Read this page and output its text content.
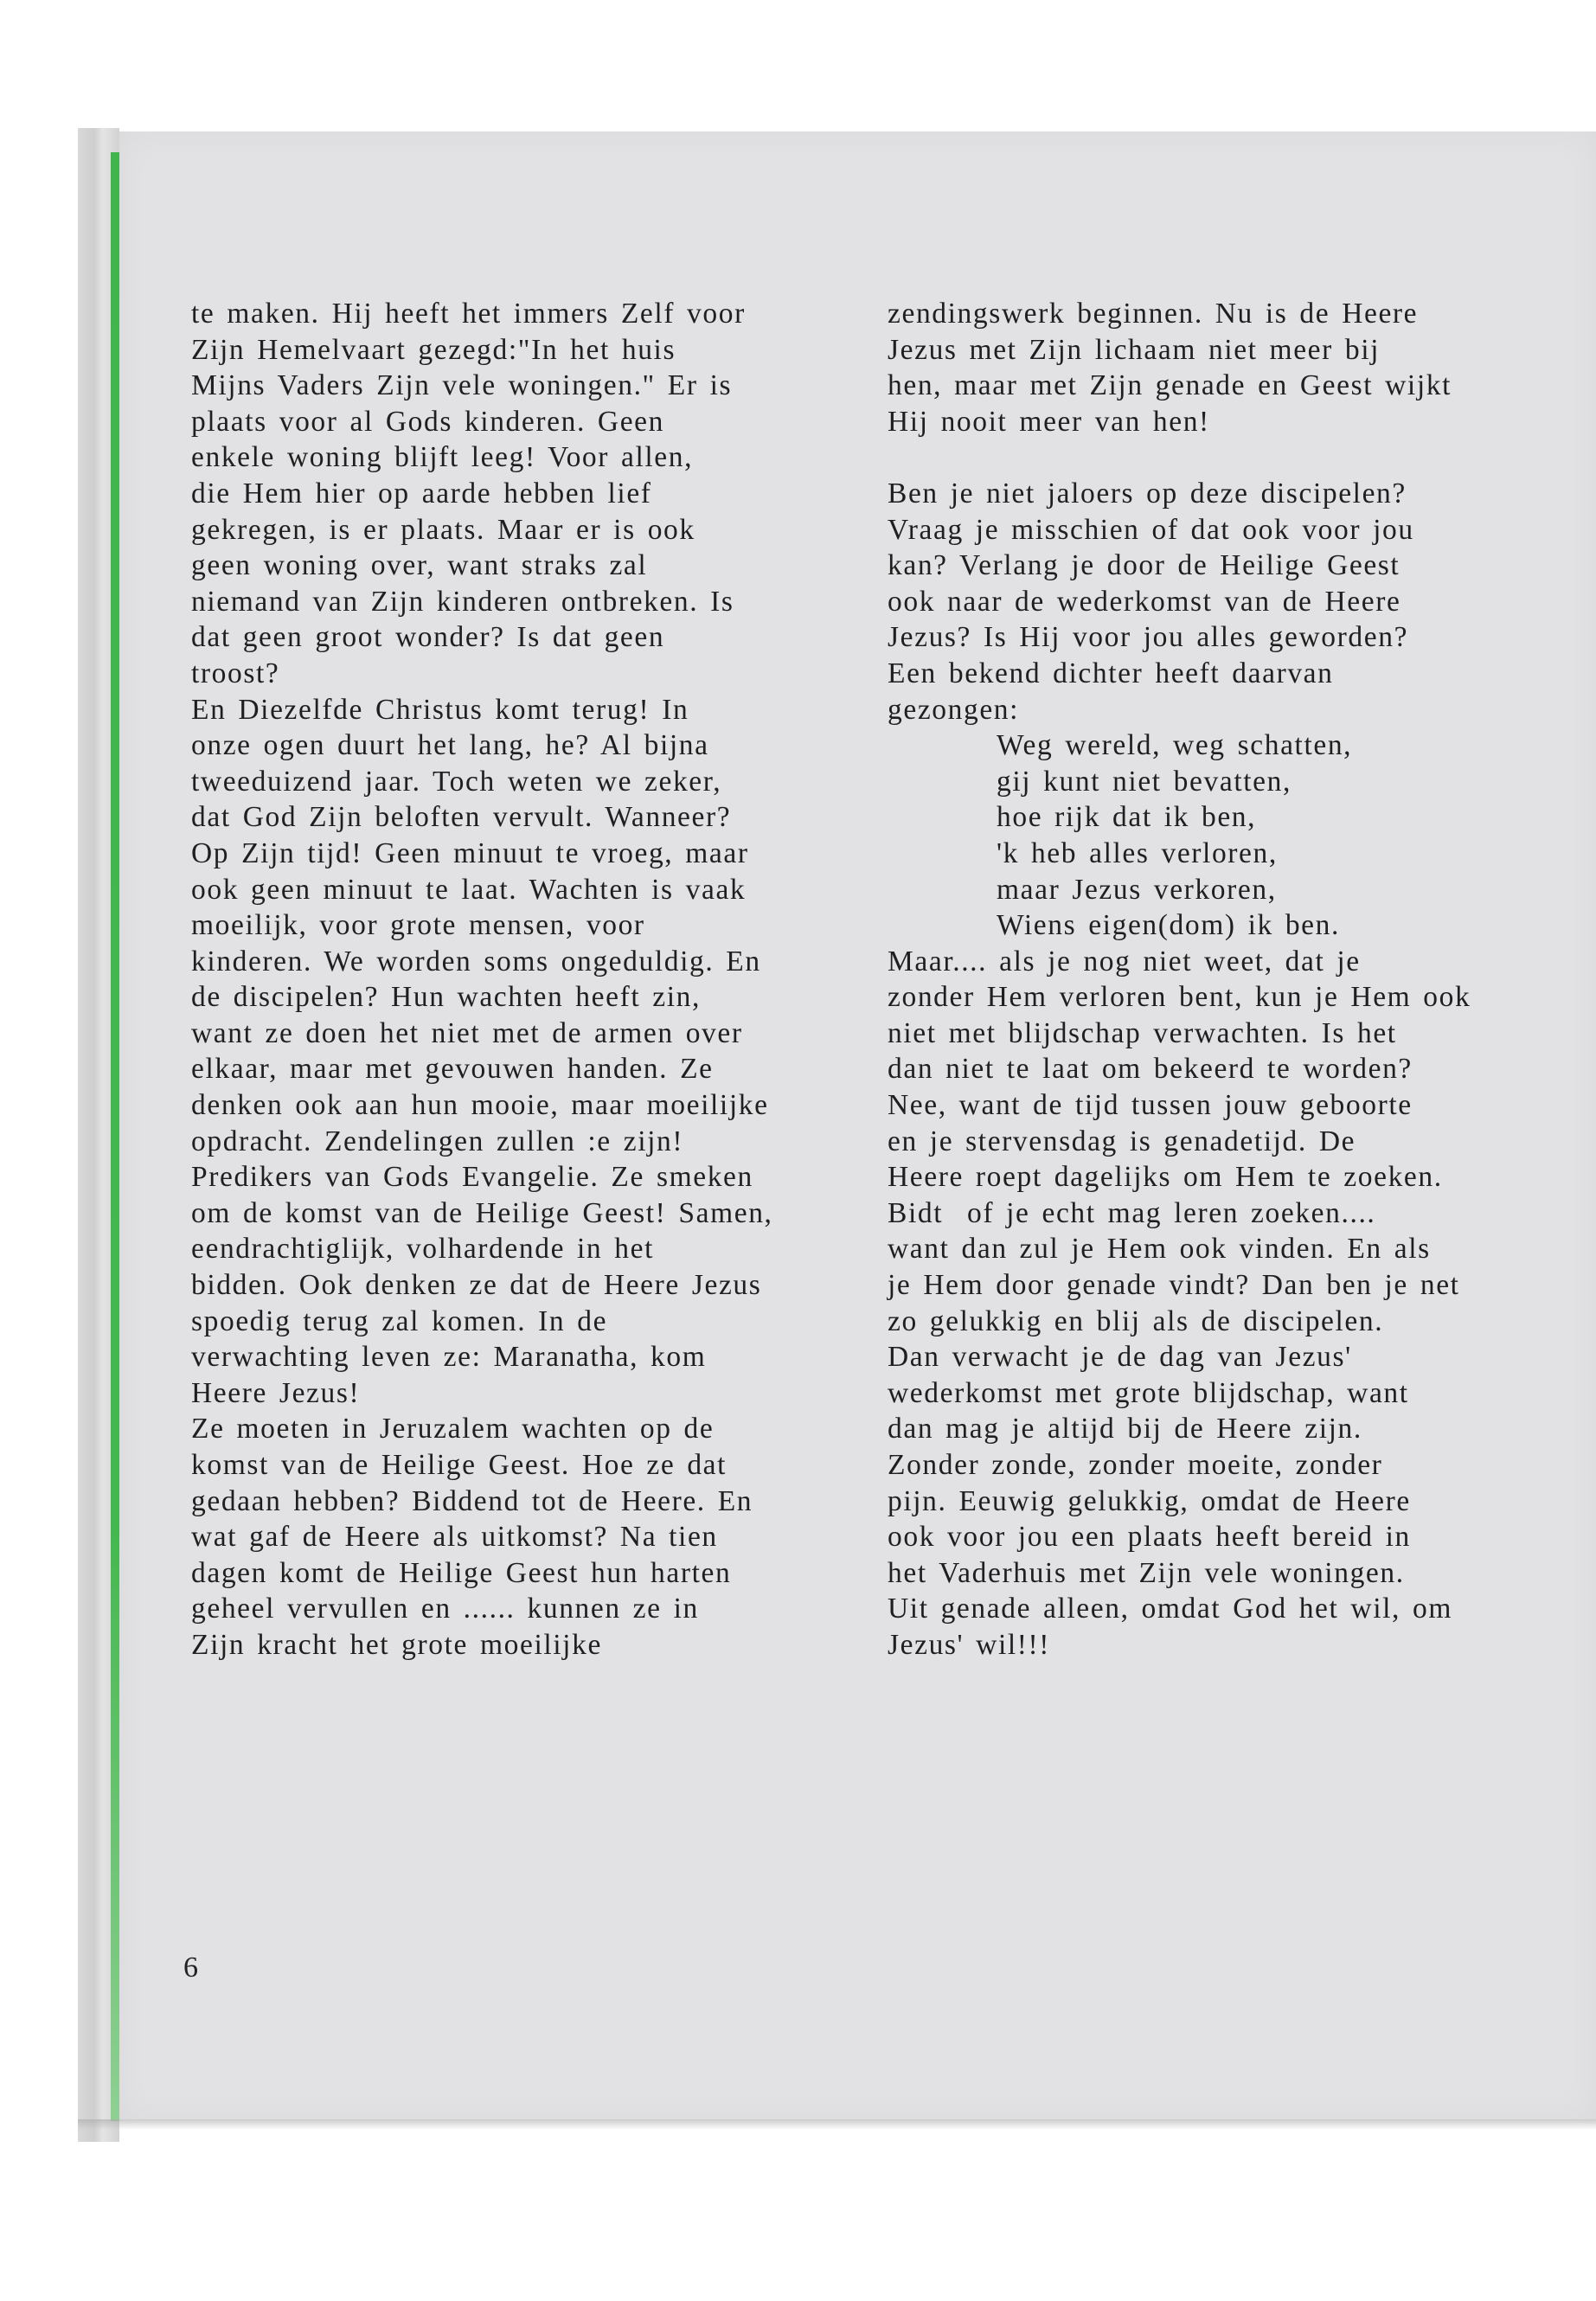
te maken. Hij heeft het immers Zelf voor
Zijn Hemelvaart gezegd:"In het huis
Mijns Vaders Zijn vele woningen." Er is
plaats voor al Gods kinderen. Geen
enkele woning blijft leeg! Voor allen,
die Hem hier op aarde hebben lief
gekregen, is er plaats. Maar er is ook
geen woning over, want straks zal
niemand van Zijn kinderen ontbreken. Is
dat geen groot wonder? Is dat geen
troost?
En Diezelfde Christus komt terug! In
onze ogen duurt het lang, he? Al bijna
tweeduizend jaar. Toch weten we zeker,
dat God Zijn beloften vervult. Wanneer?
Op Zijn tijd! Geen minuut te vroeg, maar
ook geen minuut te laat. Wachten is vaak
moeilijk, voor grote mensen, voor
kinderen. We worden soms ongeduldig. En
de discipelen? Hun wachten heeft zin,
want ze doen het niet met de armen over
elkaar, maar met gevouwen handen. Ze
denken ook aan hun mooie, maar moeilijke
opdracht. Zendelingen zullen :e zijn!
Predikers van Gods Evangelie. Ze smeken
om de komst van de Heilige Geest! Samen,
eendrachtiglijk, volhardende in het
bidden. Ook denken ze dat de Heere Jezus
spoedig terug zal komen. In de
verwachting leven ze: Maranatha, kom
Heere Jezus!
Ze moeten in Jeruzalem wachten op de
komst van de Heilige Geest. Hoe ze dat
gedaan hebben? Biddend tot de Heere. En
wat gaf de Heere als uitkomst? Na tien
dagen komt de Heilige Geest hun harten
geheel vervullen en ...... kunnen ze in
Zijn kracht het grote moeilijke
zendingswerk beginnen. Nu is de Heere
Jezus met Zijn lichaam niet meer bij
hen, maar met Zijn genade en Geest wijkt
Hij nooit meer van hen!
Ben je niet jaloers op deze discipelen?
Vraag je misschien of dat ook voor jou
kan? Verlang je door de Heilige Geest
ook naar de wederkomst van de Heere
Jezus? Is Hij voor jou alles geworden?
Een bekend dichter heeft daarvan
gezongen:
Weg wereld, weg schatten,
gij kunt niet bevatten,
hoe rijk dat ik ben,
'k heb alles verloren,
maar Jezus verkoren,
Wiens eigen(dom) ik ben.
Maar.... als je nog niet weet, dat je
zonder Hem verloren bent, kun je Hem ook
niet met blijdschap verwachten. Is het
dan niet te laat om bekeerd te worden?
Nee, want de tijd tussen jouw geboorte
en je stervensdag is genadetijd. De
Heere roept dagelijks om Hem te zoeken.
Bidt  of je echt mag leren zoeken....
want dan zul je Hem ook vinden. En als
je Hem door genade vindt? Dan ben je net
zo gelukkig en blij als de discipelen.
Dan verwacht je de dag van Jezus'
wederkomst met grote blijdschap, want
dan mag je altijd bij de Heere zijn.
Zonder zonde, zonder moeite, zonder
pijn. Eeuwig gelukkig, omdat de Heere
ook voor jou een plaats heeft bereid in
het Vaderhuis met Zijn vele woningen.
Uit genade alleen, omdat God het wil, om
Jezus' wil!!!
6
